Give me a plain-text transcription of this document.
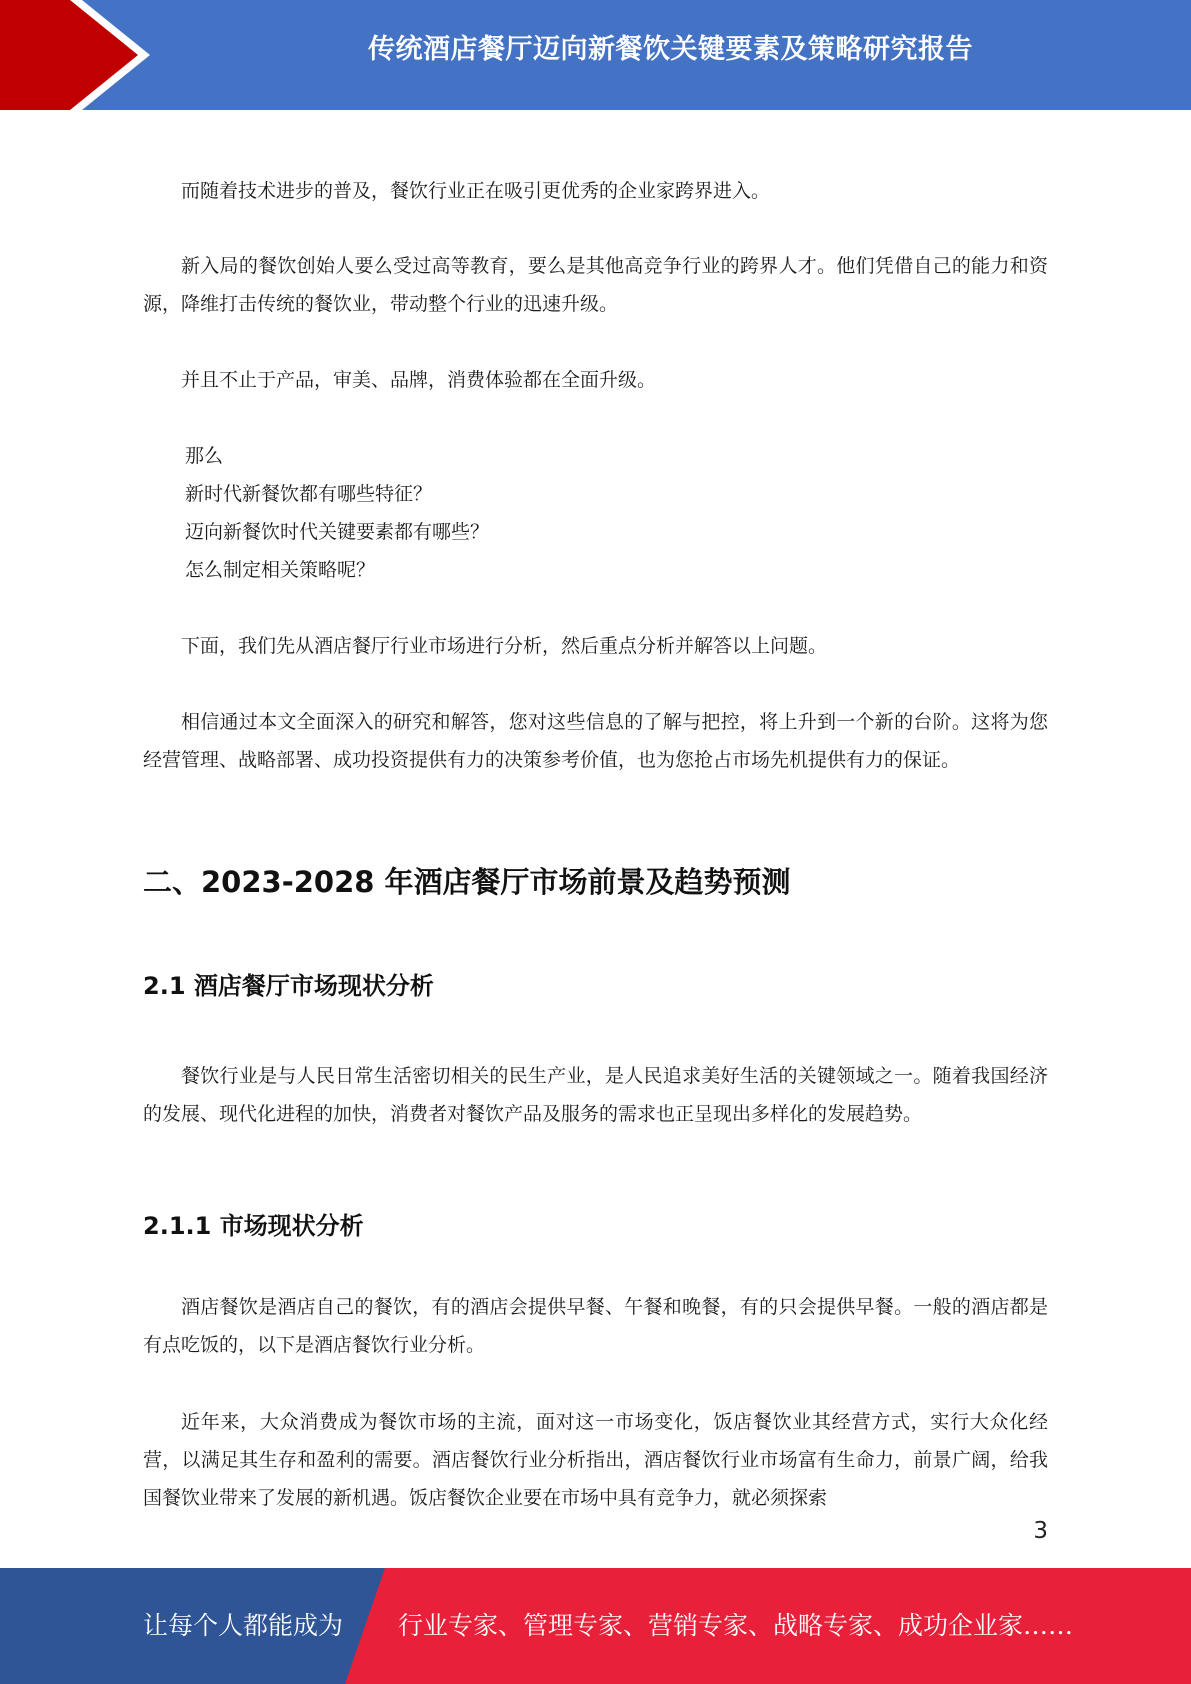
传统酒店餐厅迈向新餐饮关键要素及策略研究报告

而随着技术进步的普及，餐饮行业正在吸引更优秀的企业家跨界进入。

新入局的餐饮创始人要么受过高等教育，要么是其他高竞争行业的跨界人才。他们凭借自己的能力和资源，降维打击传统的餐饮业，带动整个行业的迅速升级。

并且不止于产品，审美、品牌，消费体验都在全面升级。

那么

新时代新餐饮都有哪些特征？

迈向新餐饮时代关键要素都有哪些？

怎么制定相关策略呢？

下面，我们先从酒店餐厅行业市场进行分析，然后重点分析并解答以上问题。

相信通过本文全面深入的研究和解答，您对这些信息的了解与把控，将上升到一个新的台阶。这将为您经营管理、战略部署、成功投资提供有力的决策参考价值，也为您抢占市场先机提供有力的保证。

二、2023-2028 年酒店餐厅市场前景及趋势预测
2.1 酒店餐厅市场现状分析

餐饮行业是与人民日常生活密切相关的民生产业，是人民追求美好生活的关键领域之一。随着我国经济的发展、现代化进程的加快，消费者对餐饮产品及服务的需求也正呈现出多样化的发展趋势。

2.1.1 市场现状分析

酒店餐饮是酒店自己的餐饮，有的酒店会提供早餐、午餐和晚餐，有的只会提供早餐。一般的酒店都是有点吃饭的，以下是酒店餐饮行业分析。

近年来，大众消费成为餐饮市场的主流，面对这一市场变化，饭店餐饮业其经营方式，实行大众化经营，以满足其生存和盈利的需要。酒店餐饮行业分析指出，酒店餐饮行业市场富有生命力，前景广阔，给我国餐饮业带来了发展的新机遇。饭店餐饮企业要在市场中具有竞争力，就必须探索

3
让每个人都能成为 行业专家、管理专家、营销专家、战略专家、成功企业家……
